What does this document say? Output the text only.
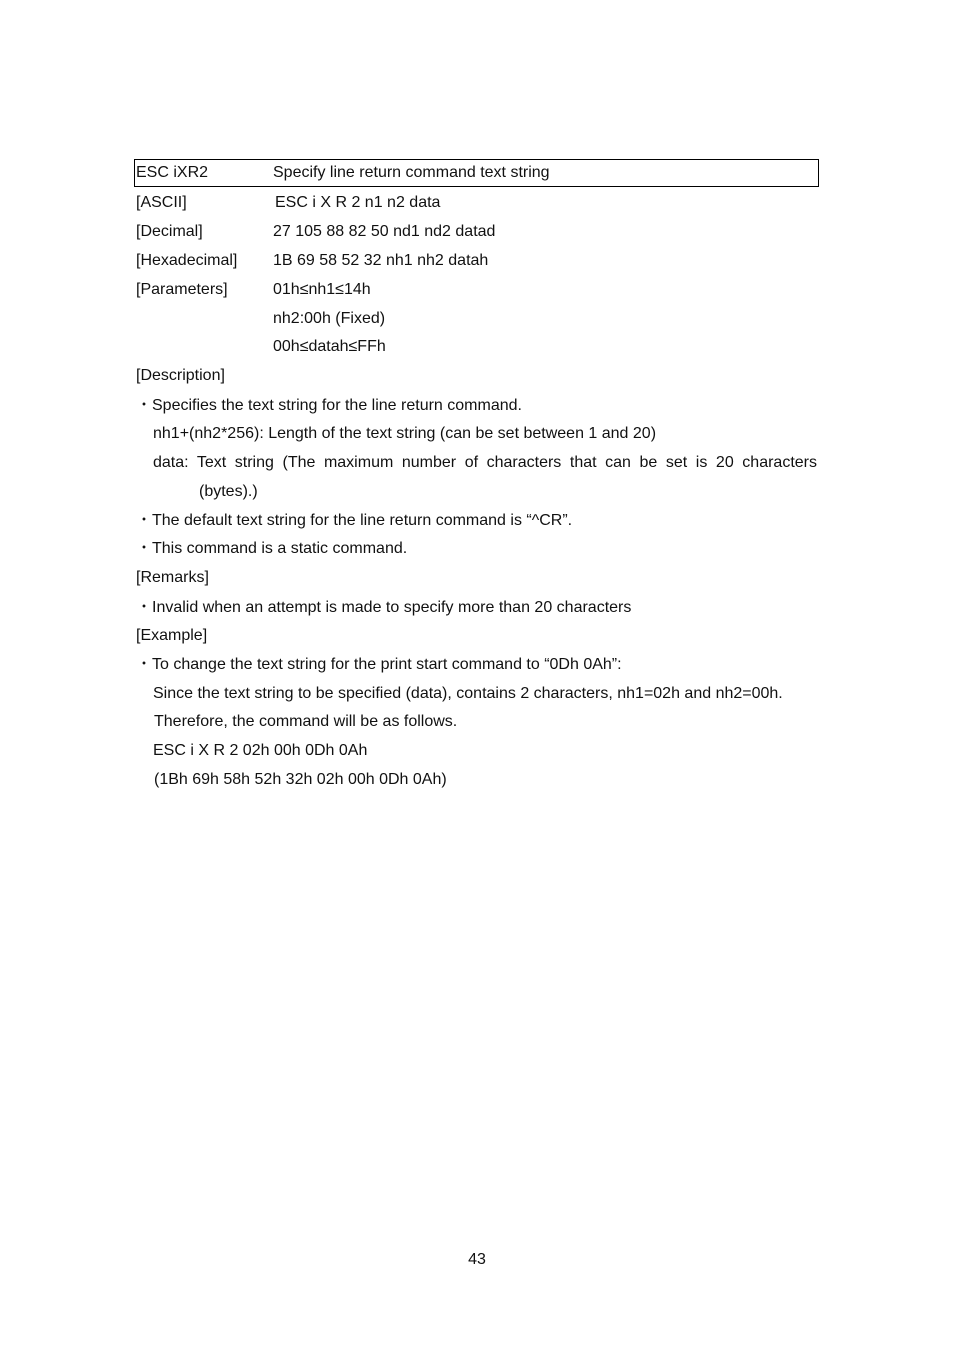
ESC iXR2	Specify line return command text string
[ASCII]	ESC i X R 2 n1 n2 data
[Decimal]	27 105 88 82 50 nd1 nd2 datad
[Hexadecimal] 1B 69 58 52 32 nh1 nh2 datah
[Parameters]	01h≤nh1≤14h
nh2:00h (Fixed)
00h≤datah≤FFh
[Description]
・Specifies the text string for the line return command.
nh1+(nh2*256): Length of the text string (can be set between 1 and 20)
data: Text string (The maximum number of characters that can be set is 20 characters
(bytes).)
・The default text string for the line return command is “^CR”.
・This command is a static command.
[Remarks]
・Invalid when an attempt is made to specify more than 20 characters
[Example]
・To change the text string for the print start command to “0Dh 0Ah”:
Since the text string to be specified (data), contains 2 characters, nh1=02h and nh2=00h.
Therefore, the command will be as follows.
ESC i X R 2 02h 00h 0Dh 0Ah
(1Bh 69h 58h 52h 32h 02h 00h 0Dh 0Ah)
43
